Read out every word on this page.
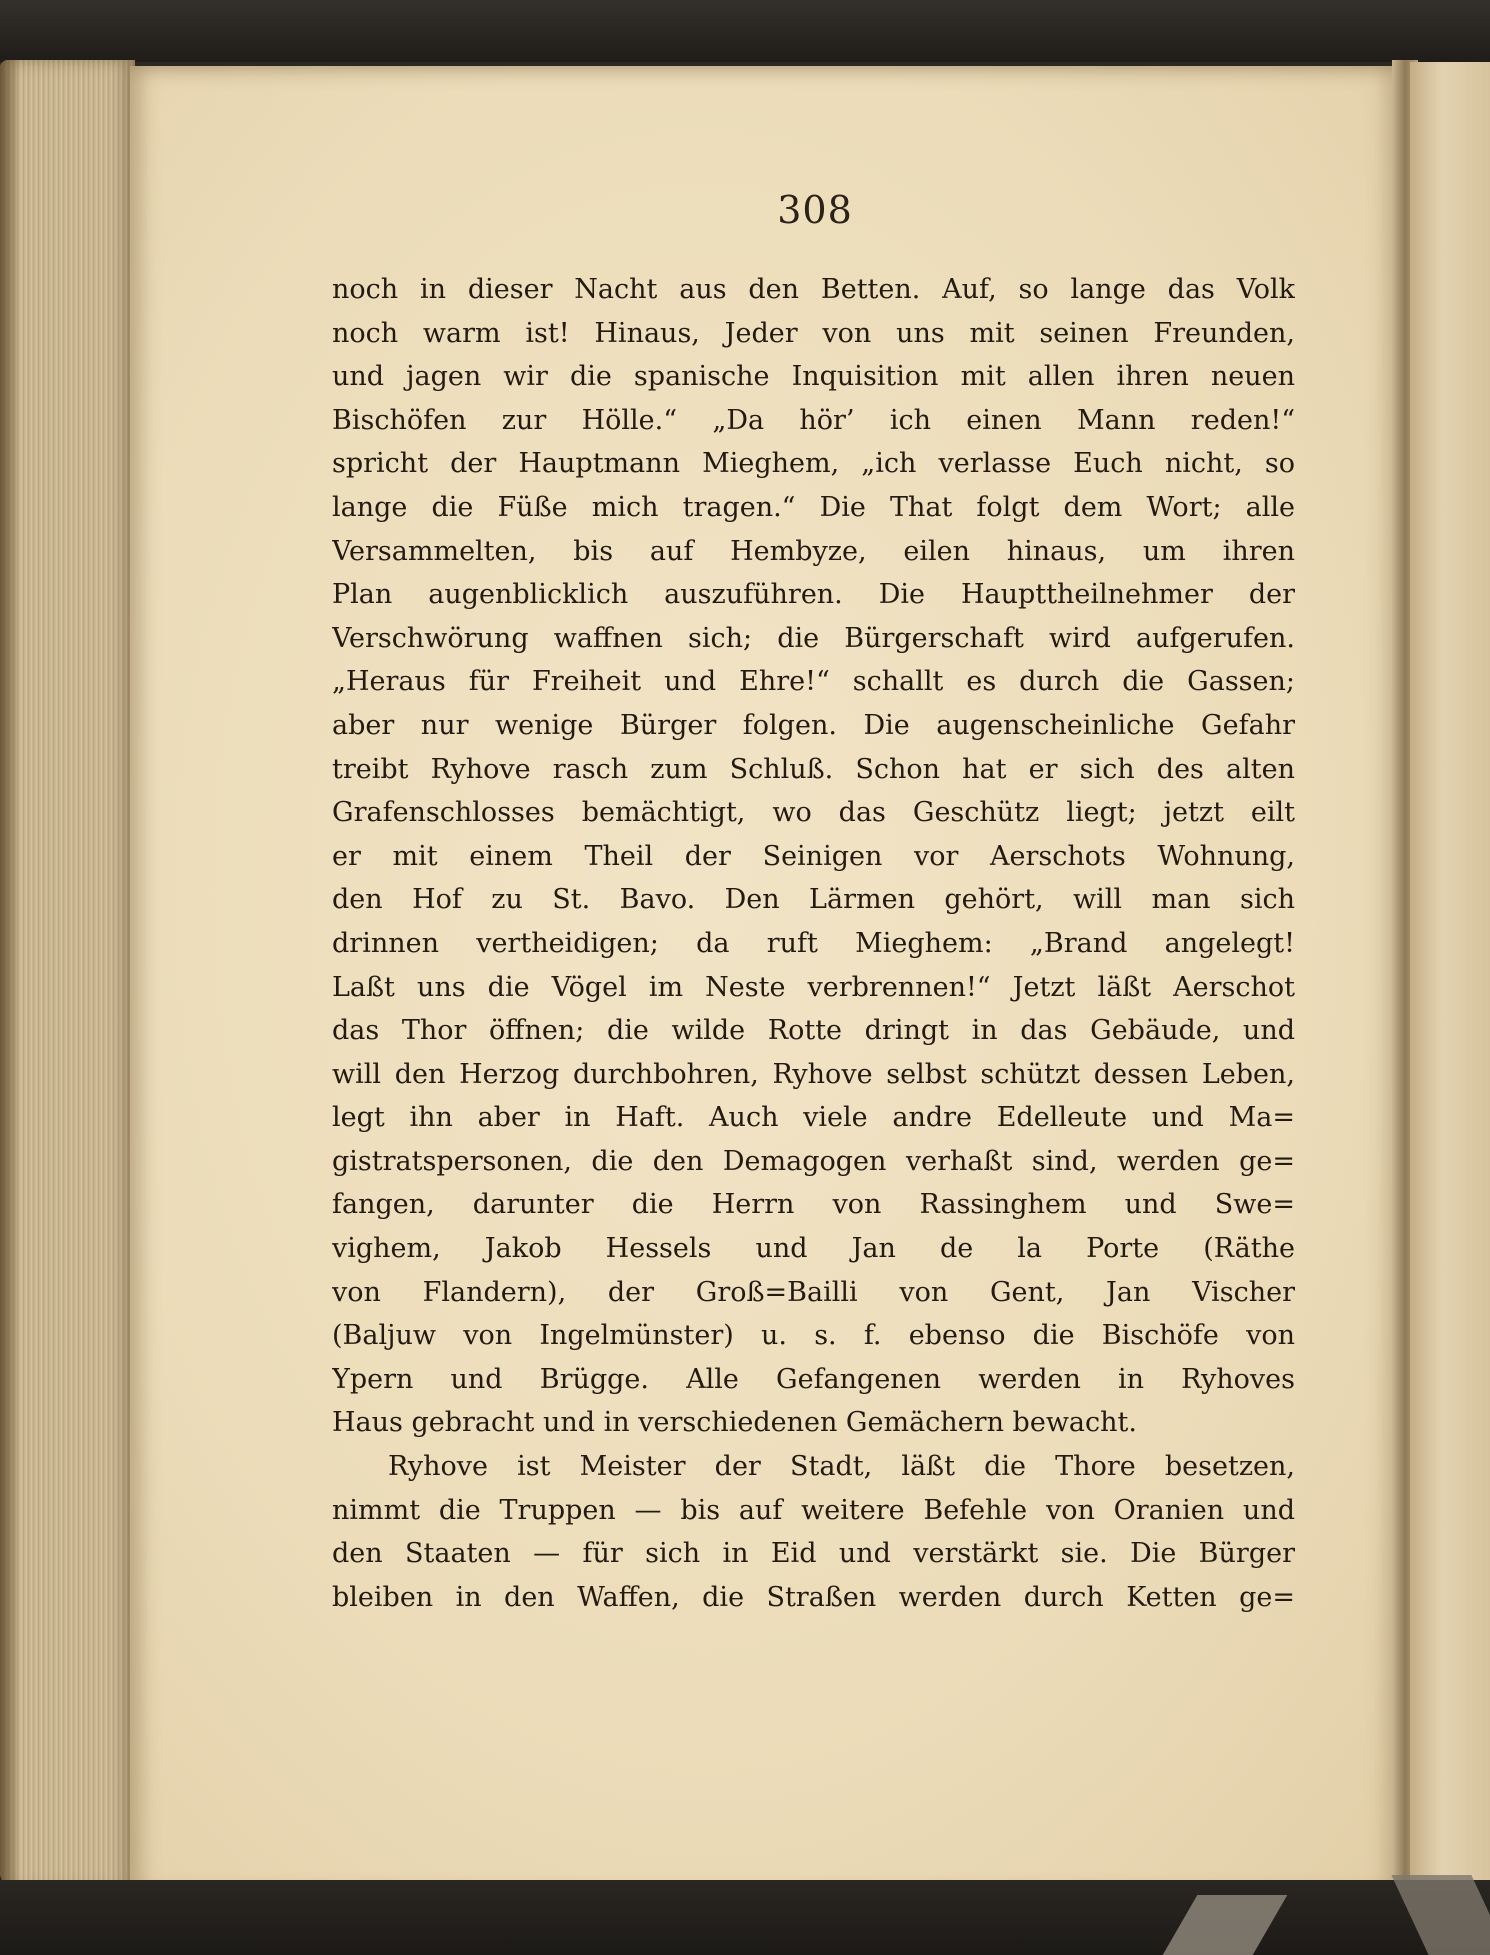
308
noch in dieser Nacht aus den Betten. Auf, so lange das Volk
noch warm ist! Hinaus, Jeder von uns mit seinen Freunden,
und jagen wir die spanische Inquisition mit allen ihren neuen
Bischöfen zur Hölle.“ „Da hör’ ich einen Mann reden!“
spricht der Hauptmann Mieghem, „ich verlasse Euch nicht, so
lange die Füße mich tragen.“ Die That folgt dem Wort; alle
Versammelten, bis auf Hembyze, eilen hinaus, um ihren
Plan augenblicklich auszuführen. Die Haupttheilnehmer der
Verschwörung waffnen sich; die Bürgerschaft wird aufgerufen.
„Heraus für Freiheit und Ehre!“ schallt es durch die Gassen;
aber nur wenige Bürger folgen. Die augenscheinliche Gefahr
treibt Ryhove rasch zum Schluß. Schon hat er sich des alten
Grafenschlosses bemächtigt, wo das Geschütz liegt; jetzt eilt
er mit einem Theil der Seinigen vor Aerschots Wohnung,
den Hof zu St. Bavo. Den Lärmen gehört, will man sich
drinnen vertheidigen; da ruft Mieghem: „Brand angelegt!
Laßt uns die Vögel im Neste verbrennen!“ Jetzt läßt Aerschot
das Thor öffnen; die wilde Rotte dringt in das Gebäude, und
will den Herzog durchbohren, Ryhove selbst schützt dessen Leben,
legt ihn aber in Haft. Auch viele andre Edelleute und Ma=
gistratspersonen, die den Demagogen verhaßt sind, werden ge=
fangen, darunter die Herrn von Rassinghem und Swe=
vighem, Jakob Hessels und Jan de la Porte (Räthe
von Flandern), der Groß=Bailli von Gent, Jan Vischer
(Baljuw von Ingelmünster) u. s. f. ebenso die Bischöfe von
Ypern und Brügge. Alle Gefangenen werden in Ryhoves
Haus gebracht und in verschiedenen Gemächern bewacht.
Ryhove ist Meister der Stadt, läßt die Thore besetzen,
nimmt die Truppen — bis auf weitere Befehle von Oranien und
den Staaten — für sich in Eid und verstärkt sie. Die Bürger
bleiben in den Waffen, die Straßen werden durch Ketten ge=
